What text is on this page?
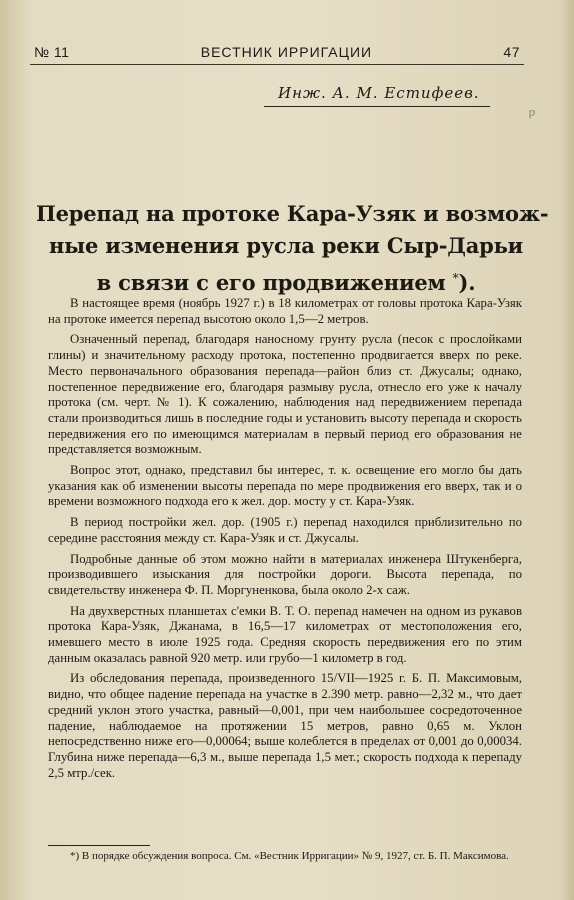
№ 11	ВЕСТНИК ИРРИГАЦИИ	47
Инж. А. М. Естифеев.
р
Перепад на протоке Кара-Узяк и возмож-
ные изменения русла реки Сыр-Дарьи
в связи с его продвижением *).

В настоящее время (ноябрь 1927 г.) в 18 километрах от головы протока Кара-Узяк на протоке имеется перепад высотою около 1,5—2 метров.

Означенный перепад, благодаря наносному грунту русла (песок с прослойками глины) и значительному расходу протока, постепенно продвигается вверх по реке. Место первоначального образования перепада—район близ ст. Джусалы; однако, постепенное передвижение его, благодаря размыву русла, отнесло его уже к началу протока (см. черт. № 1). К сожалению, наблюдения над передвижением перепада стали производиться лишь в последние годы и установить высоту перепада и скорость передвижения его по имеющимся материалам в первый период его образования не представляется возможным.

Вопрос этот, однако, представил бы интерес, т. к. освещение его могло бы дать указания как об изменении высоты перепада по мере продвижения его вверх, так и о времени возможного подхода его к жел. дор. мосту у ст. Кара-Узяк.

В период постройки жел. дор. (1905 г.) перепад находился приблизительно по середине расстояния между ст. Кара-Узяк и ст. Джусалы.

Подробные данные об этом можно найти в материалах инженера Штукенберга, производившего изыскания для постройки дороги. Высота перепада, по свидетельству инженера Ф. П. Моргуненкова, была около 2-х саж.

На двухверстных планшетах с'емки В. Т. О. перепад намечен на одном из рукавов протока Кара-Узяк, Джанама, в 16,5—17 километрах от местоположения его, имевшего место в июле 1925 года. Средняя скорость передвижения его по этим данным оказалась равной 920 метр. или грубо—1 километр в год.

Из обследования перепада, произведенного 15/VII—1925 г. Б. П. Максимовым, видно, что общее падение перепада на участке в 2.390 метр. равно—2,32 м., что дает средний уклон этого участка, равный—0,001, при чем наибольшее сосредоточенное падение, наблюдаемое на протяжении 15 метров, равно 0,65 м. Уклон непосредственно ниже его—0,00064; выше колеблется в пределах от 0,001 до 0,00034. Глубина ниже перепада—6,3 м., выше перепада 1,5 мет.; скорость подхода к перепаду 2,5 мтр./сек.

*) В порядке обсуждения вопроса. См. «Вестник Ирригации» № 9, 1927, ст. Б. П. Максимова.
